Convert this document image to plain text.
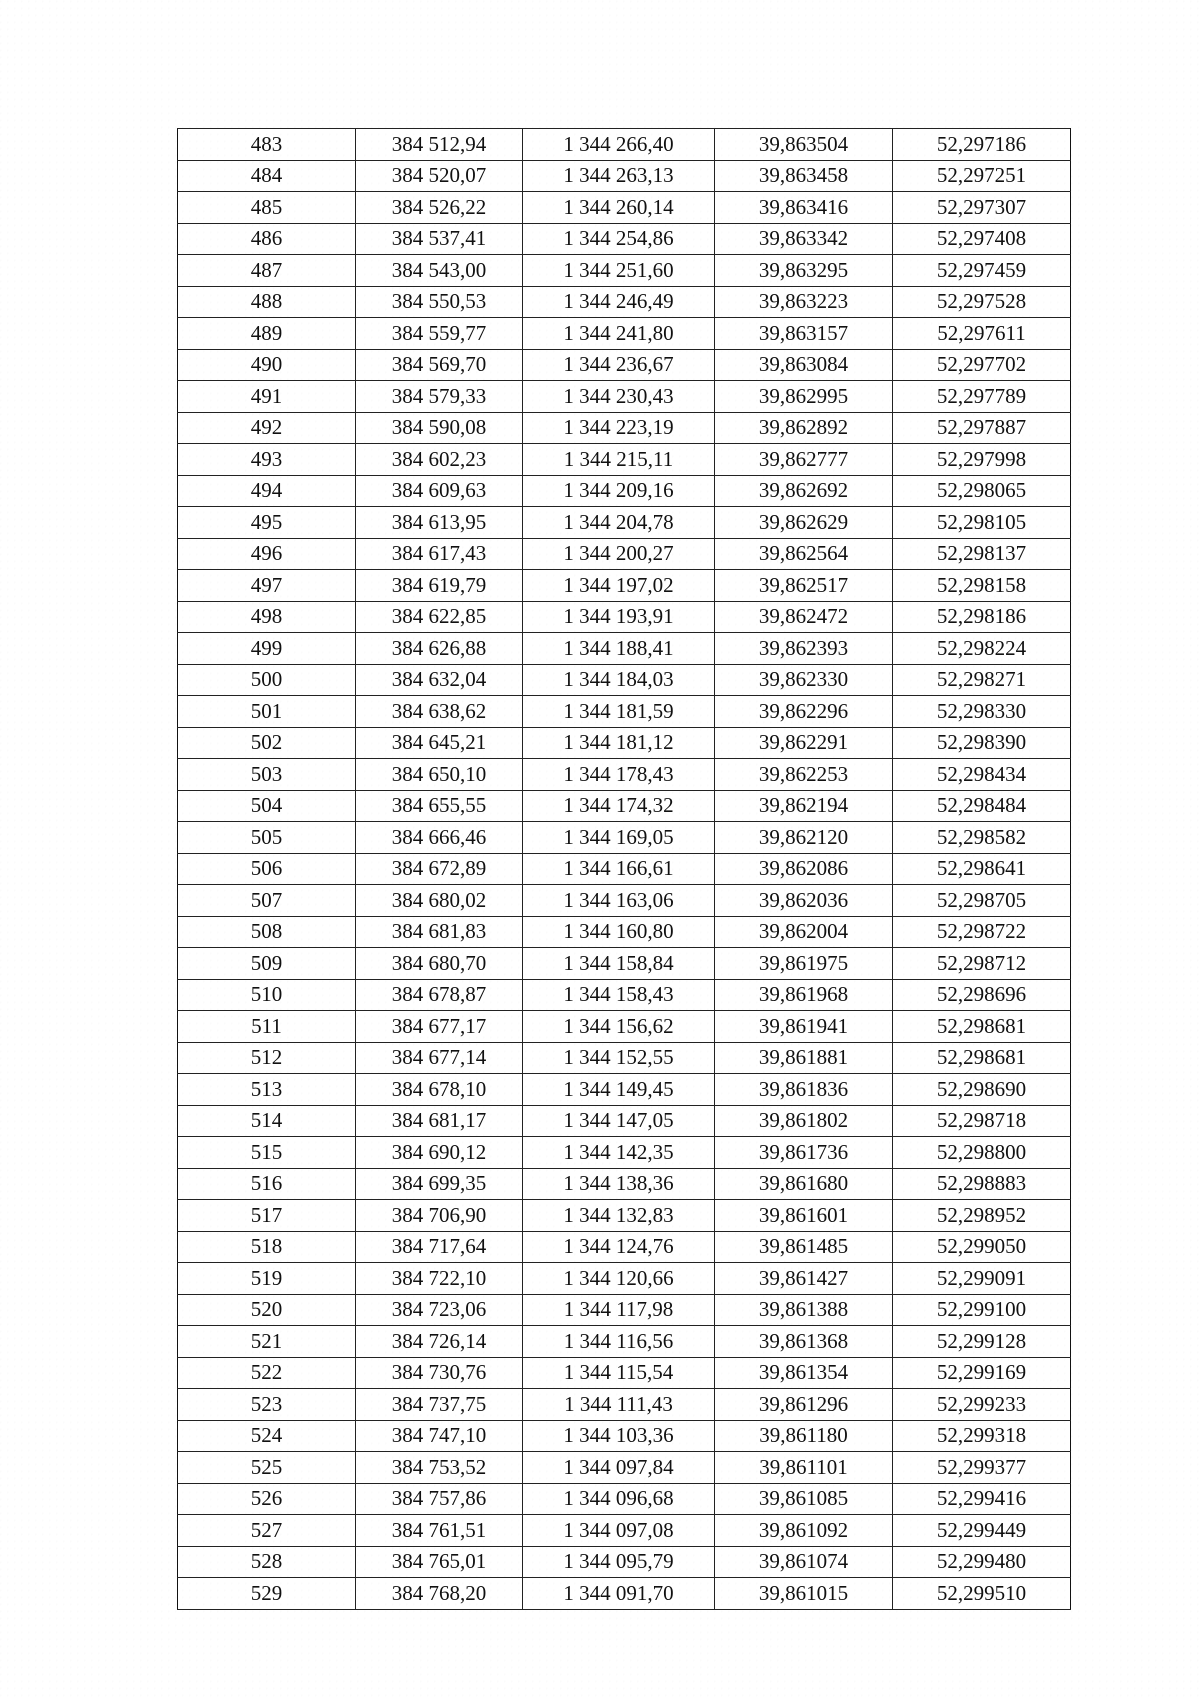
483	384 512,94	1 344 266,40	39,863504	52,297186
484	384 520,07	1 344 263,13	39,863458	52,297251
485	384 526,22	1 344 260,14	39,863416	52,297307
486	384 537,41	1 344 254,86	39,863342	52,297408
487	384 543,00	1 344 251,60	39,863295	52,297459
488	384 550,53	1 344 246,49	39,863223	52,297528
489	384 559,77	1 344 241,80	39,863157	52,297611
490	384 569,70	1 344 236,67	39,863084	52,297702
491	384 579,33	1 344 230,43	39,862995	52,297789
492	384 590,08	1 344 223,19	39,862892	52,297887
493	384 602,23	1 344 215,11	39,862777	52,297998
494	384 609,63	1 344 209,16	39,862692	52,298065
495	384 613,95	1 344 204,78	39,862629	52,298105
496	384 617,43	1 344 200,27	39,862564	52,298137
497	384 619,79	1 344 197,02	39,862517	52,298158
498	384 622,85	1 344 193,91	39,862472	52,298186
499	384 626,88	1 344 188,41	39,862393	52,298224
500	384 632,04	1 344 184,03	39,862330	52,298271
501	384 638,62	1 344 181,59	39,862296	52,298330
502	384 645,21	1 344 181,12	39,862291	52,298390
503	384 650,10	1 344 178,43	39,862253	52,298434
504	384 655,55	1 344 174,32	39,862194	52,298484
505	384 666,46	1 344 169,05	39,862120	52,298582
506	384 672,89	1 344 166,61	39,862086	52,298641
507	384 680,02	1 344 163,06	39,862036	52,298705
508	384 681,83	1 344 160,80	39,862004	52,298722
509	384 680,70	1 344 158,84	39,861975	52,298712
510	384 678,87	1 344 158,43	39,861968	52,298696
511	384 677,17	1 344 156,62	39,861941	52,298681
512	384 677,14	1 344 152,55	39,861881	52,298681
513	384 678,10	1 344 149,45	39,861836	52,298690
514	384 681,17	1 344 147,05	39,861802	52,298718
515	384 690,12	1 344 142,35	39,861736	52,298800
516	384 699,35	1 344 138,36	39,861680	52,298883
517	384 706,90	1 344 132,83	39,861601	52,298952
518	384 717,64	1 344 124,76	39,861485	52,299050
519	384 722,10	1 344 120,66	39,861427	52,299091
520	384 723,06	1 344 117,98	39,861388	52,299100
521	384 726,14	1 344 116,56	39,861368	52,299128
522	384 730,76	1 344 115,54	39,861354	52,299169
523	384 737,75	1 344 111,43	39,861296	52,299233
524	384 747,10	1 344 103,36	39,861180	52,299318
525	384 753,52	1 344 097,84	39,861101	52,299377
526	384 757,86	1 344 096,68	39,861085	52,299416
527	384 761,51	1 344 097,08	39,861092	52,299449
528	384 765,01	1 344 095,79	39,861074	52,299480
529	384 768,20	1 344 091,70	39,861015	52,299510
